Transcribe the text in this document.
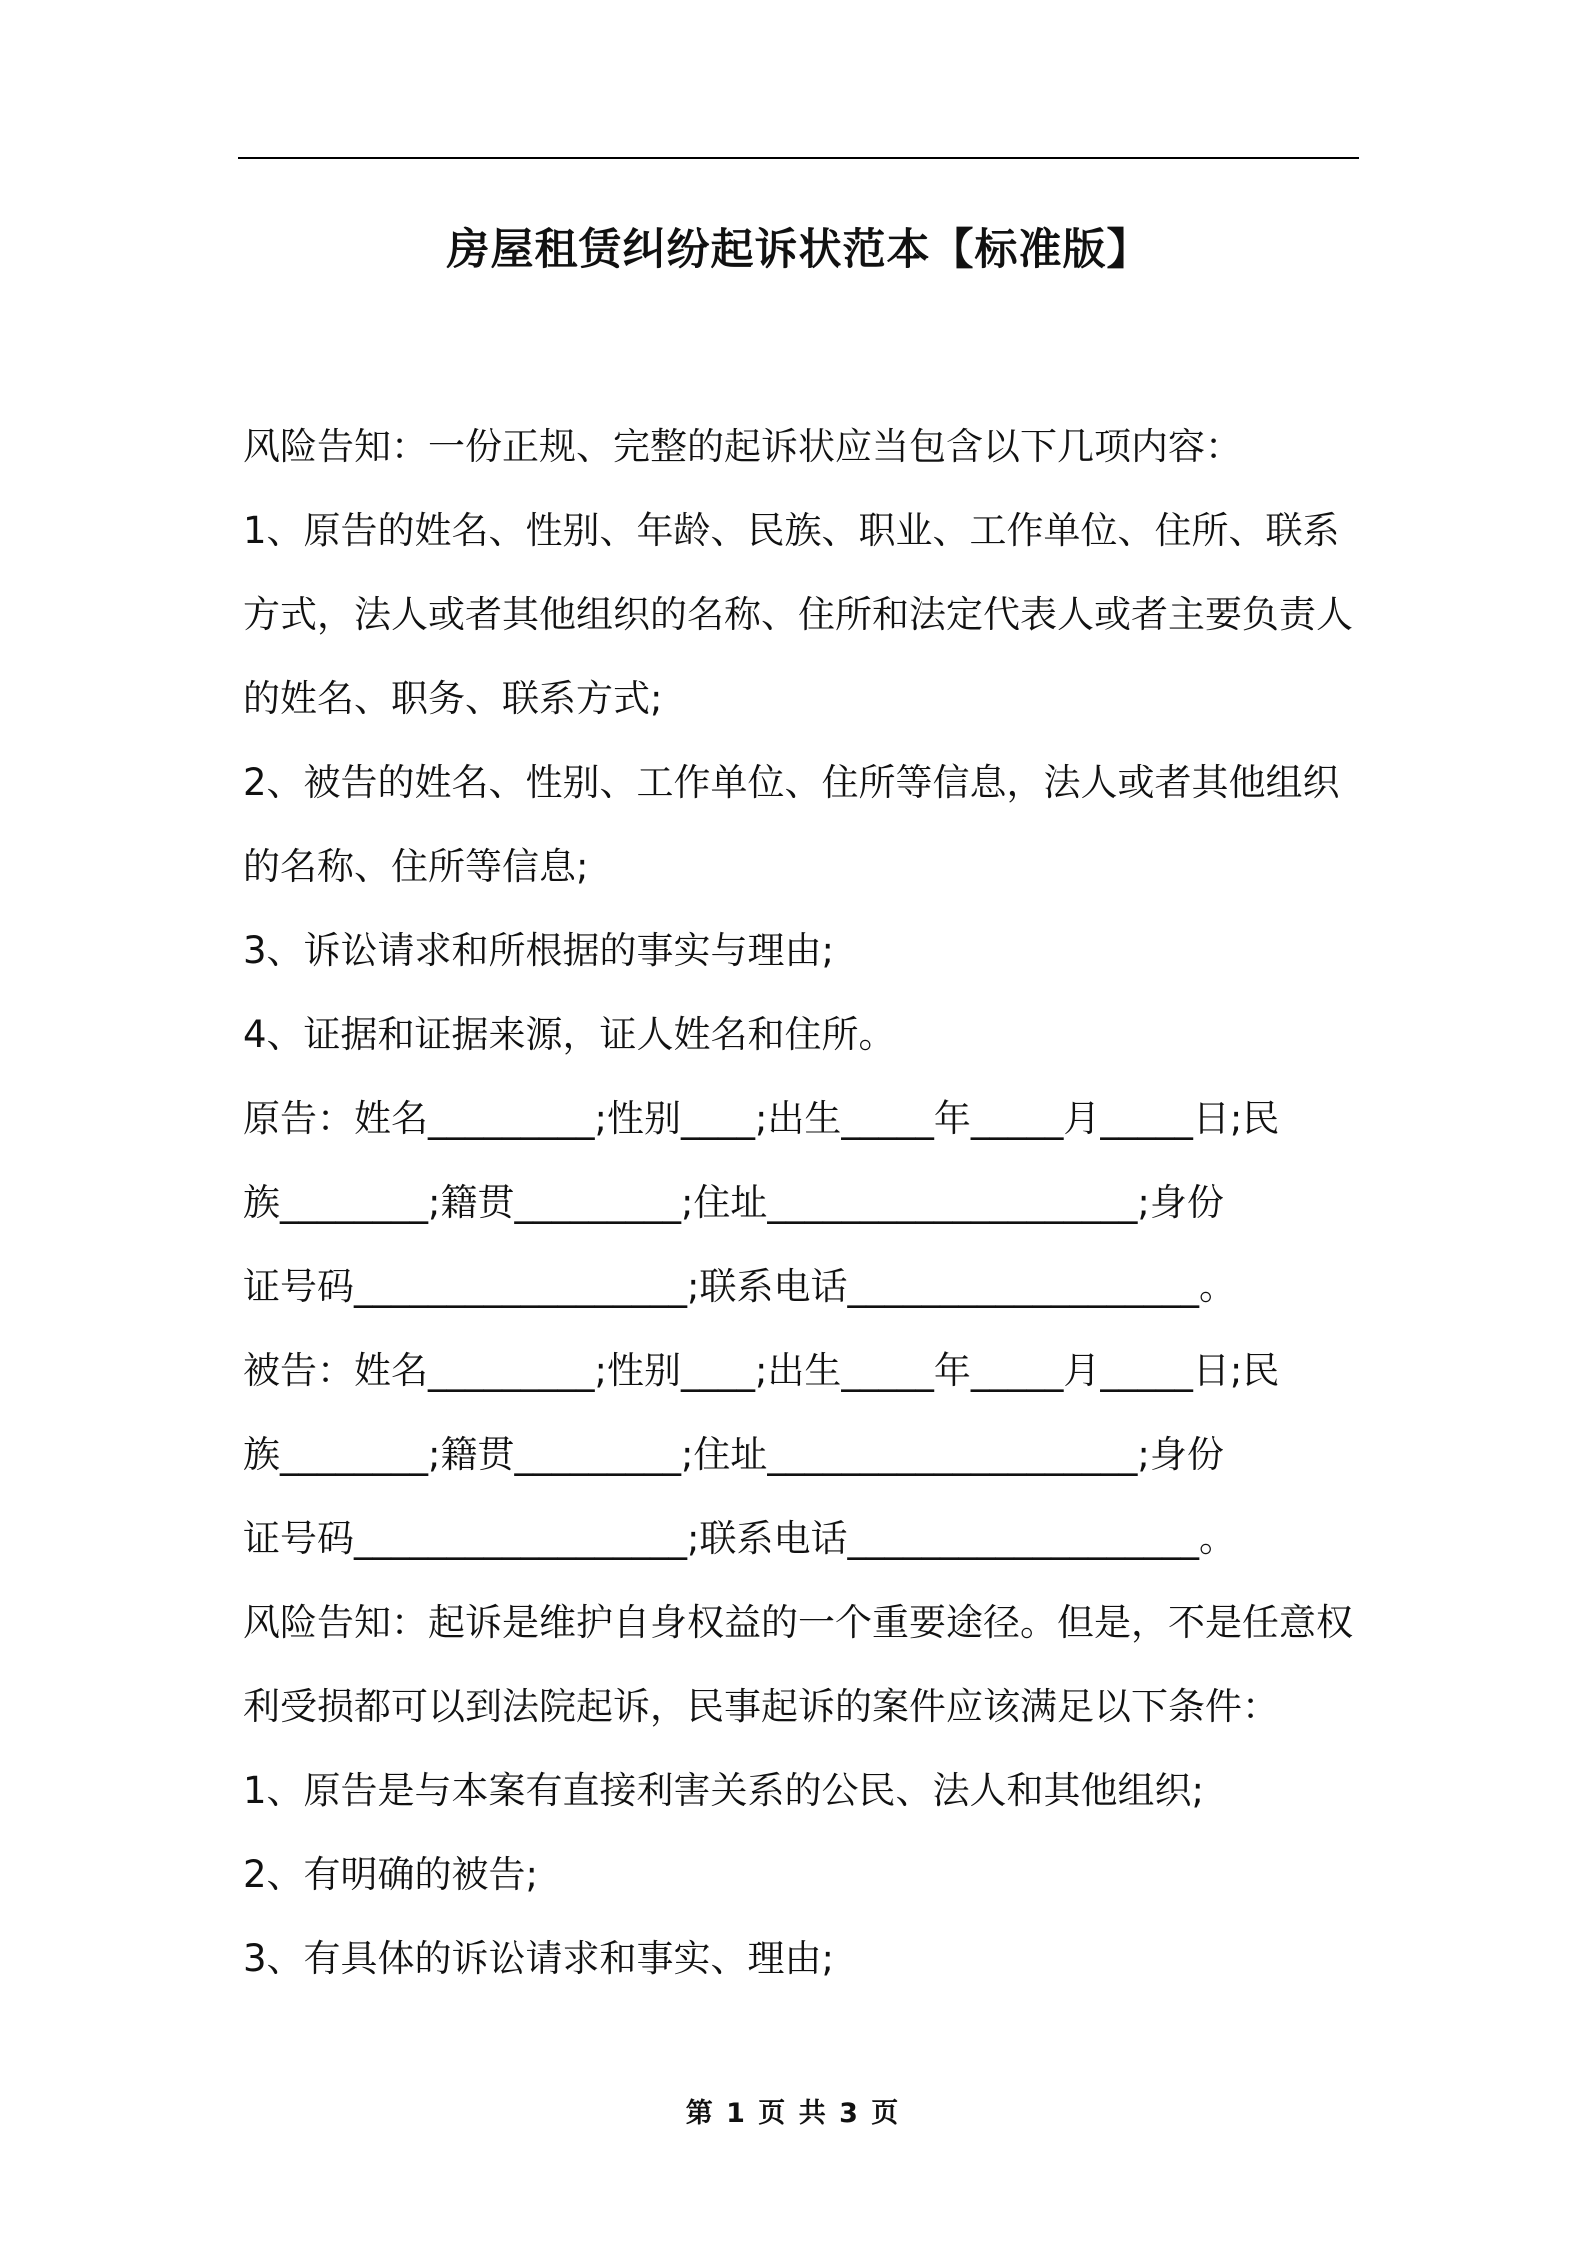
房屋租赁纠纷起诉状范本【标准版】
风险告知：一份正规、完整的起诉状应当包含以下几项内容：
1、原告的姓名、性别、年龄、民族、职业、工作单位、住所、联系
方式，法人或者其他组织的名称、住所和法定代表人或者主要负责人
的姓名、职务、联系方式;
2、被告的姓名、性别、工作单位、住所等信息，法人或者其他组织
的名称、住所等信息;
3、诉讼请求和所根据的事实与理由;
4、证据和证据来源，证人姓名和住所。
原告：姓名_________;性别____;出生_____年_____月_____日;民
族________;籍贯_________;住址____________________;身份
证号码__________________;联系电话___________________。
被告：姓名_________;性别____;出生_____年_____月_____日;民
族________;籍贯_________;住址____________________;身份
证号码__________________;联系电话___________________。
风险告知：起诉是维护自身权益的一个重要途径。但是，不是任意权
利受损都可以到法院起诉，民事起诉的案件应该满足以下条件：
1、原告是与本案有直接利害关系的公民、法人和其他组织;
2、有明确的被告;
3、有具体的诉讼请求和事实、理由;
第 1 页 共 3 页
